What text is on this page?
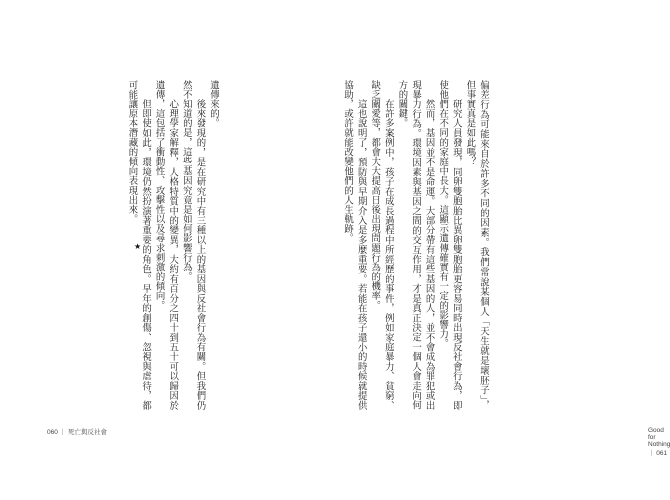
遺傳來的。

後來發現的，是在研究中有三種以上的基因與反社會行為有關。但我們仍然不知道的是，這些基因究竟是如何影響行為。

心理學家解釋，人格特質中的變異，大約有百分之四十到五十可以歸因於遺傳，這包括了衝動性、攻擊性以及尋求刺激的傾向。

但即使如此，環境仍然扮演著重要的角色。早年的創傷、忽視與虐待，都可能讓原本潛藏的傾向表現出來。

★
060 ｜ 死亡與反社會

偏差行為可能來自於許多不同的因素。我們常說某個人「天生就是壞胚子」，但事實真是如此嗎？

研究人員發現，同卵雙胞胎比異卵雙胞胎更容易同時出現反社會行為，即使他們在不同的家庭中長大。這顯示遺傳確實有一定的影響力。

然而，基因並不是命運。大部分帶有這些基因的人，並不會成為罪犯或出現暴力行為。環境因素與基因之間的交互作用，才是真正決定一個人會走向何方的關鍵。

在許多案例中，孩子在成長過程中所經歷的事件，例如家庭暴力、貧窮、缺乏關愛等，都會大大提高日後出現問題行為的機率。

這也說明了，預防與早期介入是多麼重要。若能在孩子還小的時候就提供協助，或許就能改變他們的人生軌跡。

Good for Nothing ｜ 061
